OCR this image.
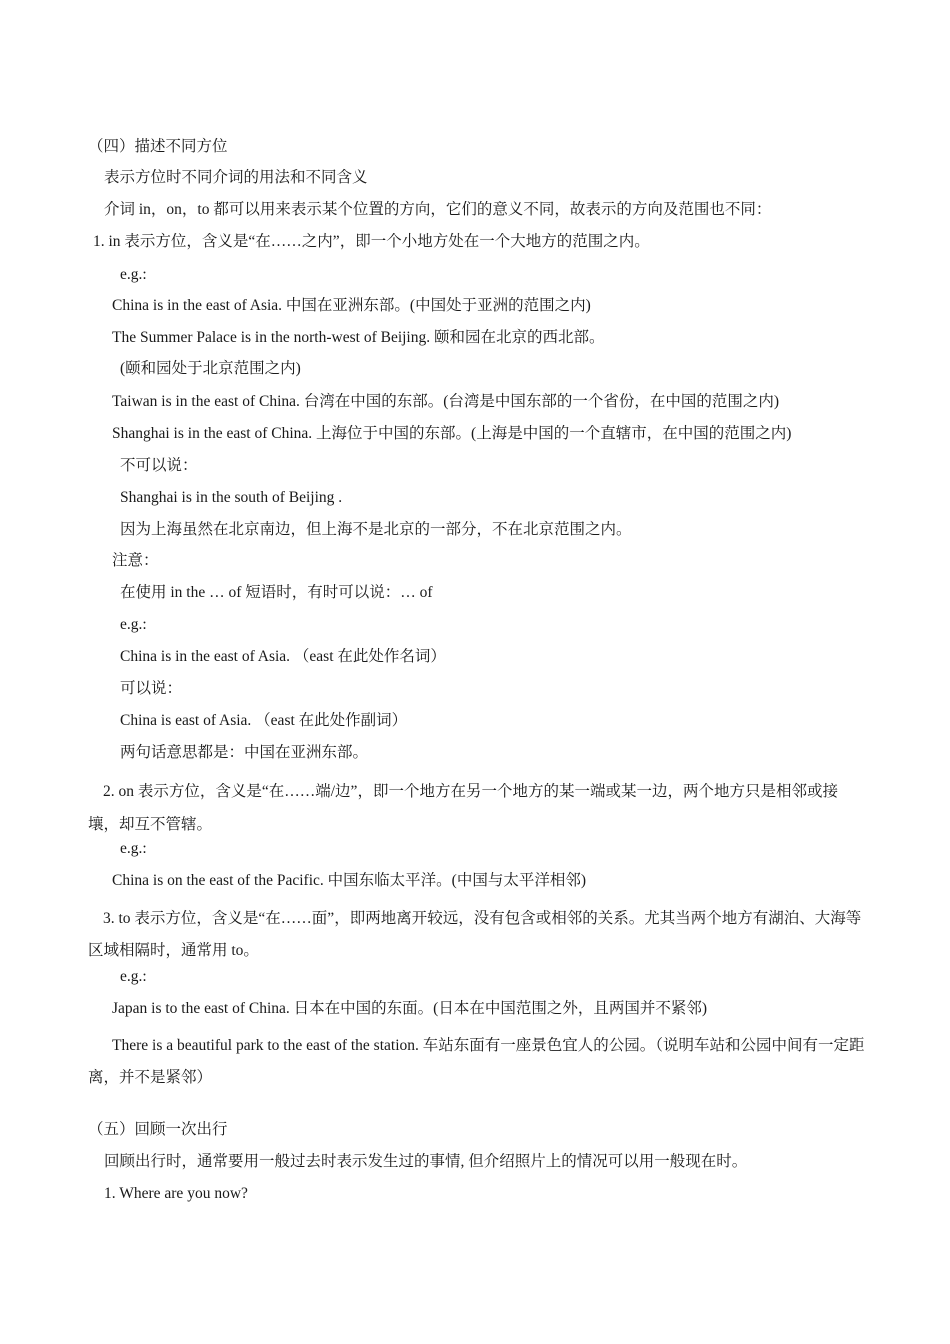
（四）描述不同方位
表示方位时不同介词的用法和不同含义
介词 in，on，to 都可以用来表示某个位置的方向，它们的意义不同，故表示的方向及范围也不同：
1. in 表示方位，含义是“在……之内”，即一个小地方处在一个大地方的范围之内。
e.g.:
China is in the east of Asia. 中国在亚洲东部。(中国处于亚洲的范围之内)
The Summer Palace is in the north-west of Beijing. 颐和园在北京的西北部。
(颐和园处于北京范围之内)
Taiwan is in the east of China. 台湾在中国的东部。(台湾是中国东部的一个省份，在中国的范围之内)
Shanghai is in the east of China. 上海位于中国的东部。(上海是中国的一个直辖市，在中国的范围之内)
不可以说：
Shanghai is in the south of Beijing .
因为上海虽然在北京南边，但上海不是北京的一部分，不在北京范围之内。
注意：
在使用 in the … of 短语时，有时可以说：… of
e.g.:
China is in the east of Asia. （east 在此处作名词）
可以说：
China is east of Asia. （east 在此处作副词）
两句话意思都是：中国在亚洲东部。
2. on 表示方位，含义是“在……端/边”，即一个地方在另一个地方的某一端或某一边，两个地方只是相邻或接壤，却互不管辖。
e.g.:
China is on the east of the Pacific. 中国东临太平洋。(中国与太平洋相邻)
3. to 表示方位，含义是“在……面”，即两地离开较远，没有包含或相邻的关系。尤其当两个地方有湖泊、大海等区域相隔时，通常用 to。
e.g.:
Japan is to the east of China. 日本在中国的东面。(日本在中国范围之外，且两国并不紧邻)
There is a beautiful park to the east of the station. 车站东面有一座景色宜人的公园。（说明车站和公园中间有一定距离，并不是紧邻）
（五）回顾一次出行
回顾出行时，通常要用一般过去时表示发生过的事情, 但介绍照片上的情况可以用一般现在时。
1. Where are you now?
